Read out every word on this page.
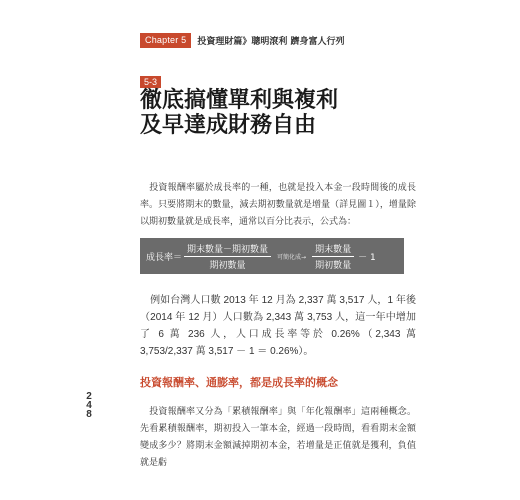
Chapter 5	投資理財篇》聰明滾利 躋身富人行列
5-3
徹底搞懂單利與複利
及早達成財務自由

　投資報酬率屬於成長率的一種，也就是投入本金一段時間後的成長率。只要將期末的數量，減去期初數量就是增量（詳見圖１），增量除以期初數量就是成長率，通常以百分比表示，公式為：

成長率＝ $\frac{\text{期末數量－期初數量}}{\text{期初數量}}$ 可簡化成→ $\frac{\text{期末數量}}{\text{期初數量}} - 1$

　例如台灣人口數 2013 年 12 月為 2,337 萬 3,517 人，1 年後（2014 年 12 月）人口數為 2,343 萬 3,753 人，這一年中增加了 6 萬 236 人，人口成長率等於 0.26%（2,343 萬 3,753/2,337 萬 3,517 － 1 ＝ 0.26%）。

投資報酬率、通膨率，都是成長率的概念

　投資報酬率又分為「累積報酬率」與「年化報酬率」這兩種概念。先看累積報酬率，期初投入一筆本金，經過一段時間，看看期末金額變成多少？將期末金額減掉期初本金，若增量是正值就是獲利，負值就是虧

2
4
8
